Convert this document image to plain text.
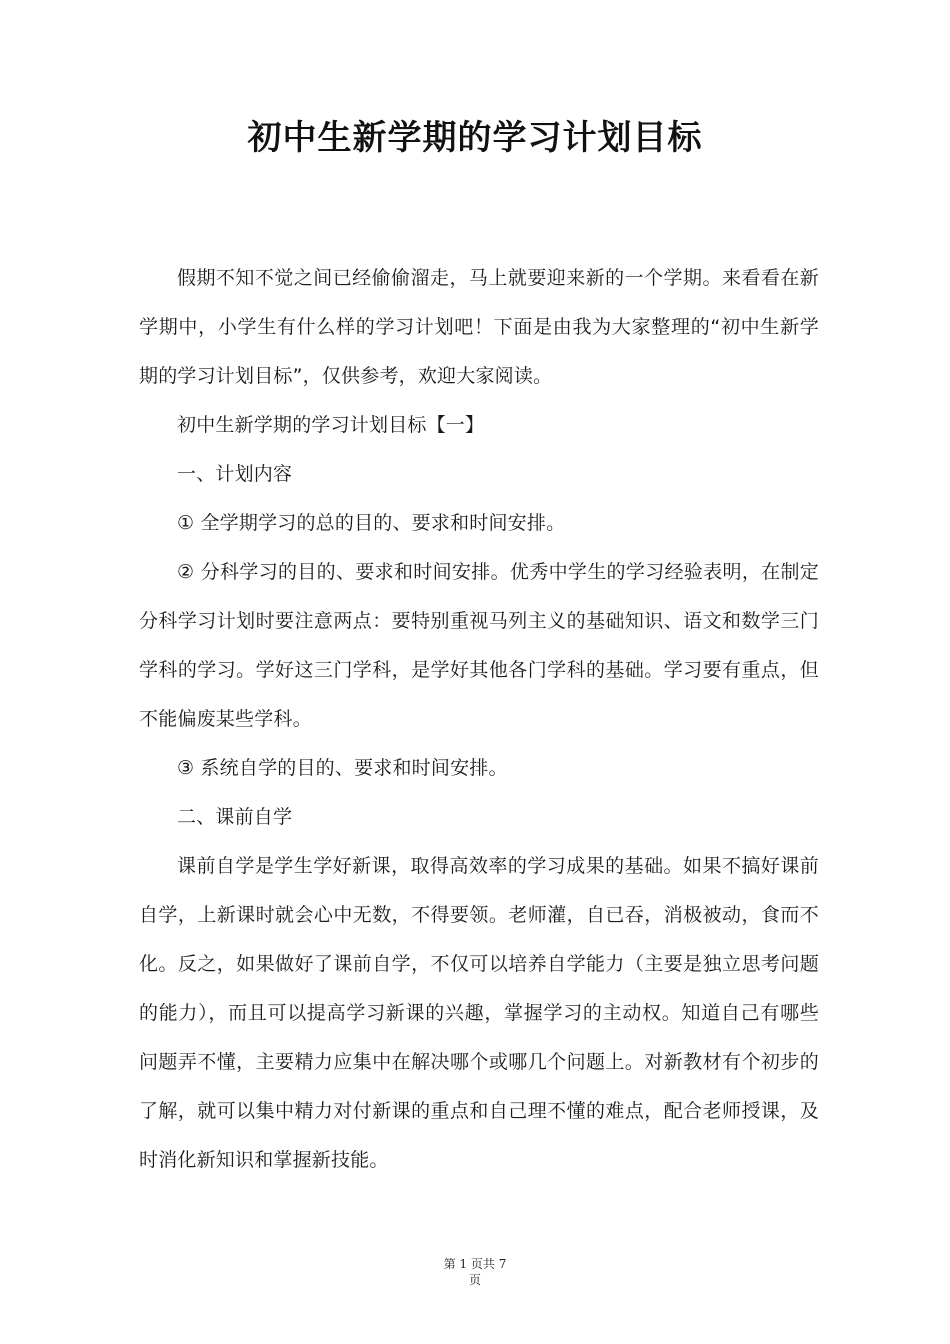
初中生新学期的学习计划目标

假期不知不觉之间已经偷偷溜走，马上就要迎来新的一个学期。来看看在新学期中，小学生有什么样的学习计划吧！下面是由我为大家整理的“初中生新学期的学习计划目标”，仅供参考，欢迎大家阅读。

初中生新学期的学习计划目标【一】

一、计划内容

① 全学期学习的总的目的、要求和时间安排。

② 分科学习的目的、要求和时间安排。优秀中学生的学习经验表明，在制定分科学习计划时要注意两点：要特别重视马列主义的基础知识、语文和数学三门学科的学习。学好这三门学科，是学好其他各门学科的基础。学习要有重点，但不能偏废某些学科。

③ 系统自学的目的、要求和时间安排。

二、课前自学

课前自学是学生学好新课，取得高效率的学习成果的基础。如果不搞好课前自学，上新课时就会心中无数，不得要领。老师灌，自已吞，消极被动，食而不化。反之，如果做好了课前自学，不仅可以培养自学能力（主要是独立思考问题的能力），而且可以提高学习新课的兴趣，掌握学习的主动权。知道自己有哪些问题弄不懂，主要精力应集中在解决哪个或哪几个问题上。对新教材有个初步的了解，就可以集中精力对付新课的重点和自己理不懂的难点，配合老师授课，及时消化新知识和掌握新技能。

第 1 页共 7
页
